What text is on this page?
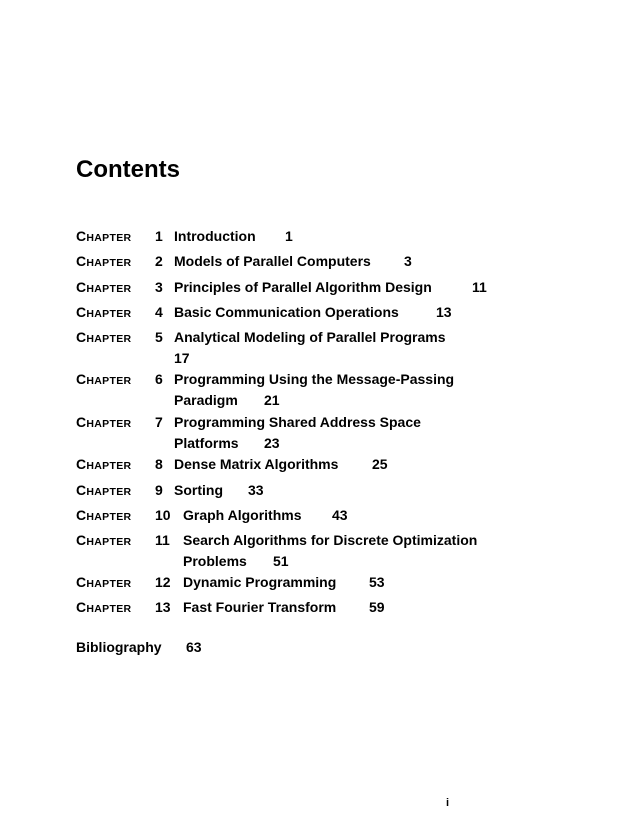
Contents
CHAPTER 1 Introduction 1
CHAPTER 2 Models of Parallel Computers 3
CHAPTER 3 Principles of Parallel Algorithm Design	11
CHAPTER 4 Basic Communication Operations	13
CHAPTER 5 Analytical Modeling of Parallel Programs
17
CHAPTER 6 Programming Using the Message-Passing
Paradigm 21
CHAPTER 7 Programming Shared Address Space
Platforms 23
CHAPTER 8 Dense Matrix Algorithms 25
CHAPTER 9 Sorting 33
CHAPTER 10 Graph Algorithms 43
CHAPTER 11 Search Algorithms for Discrete Optimization
Problems 51
CHAPTER 12 Dynamic Programming 53
CHAPTER 13 Fast Fourier Transform 59
Bibliography 63
i
